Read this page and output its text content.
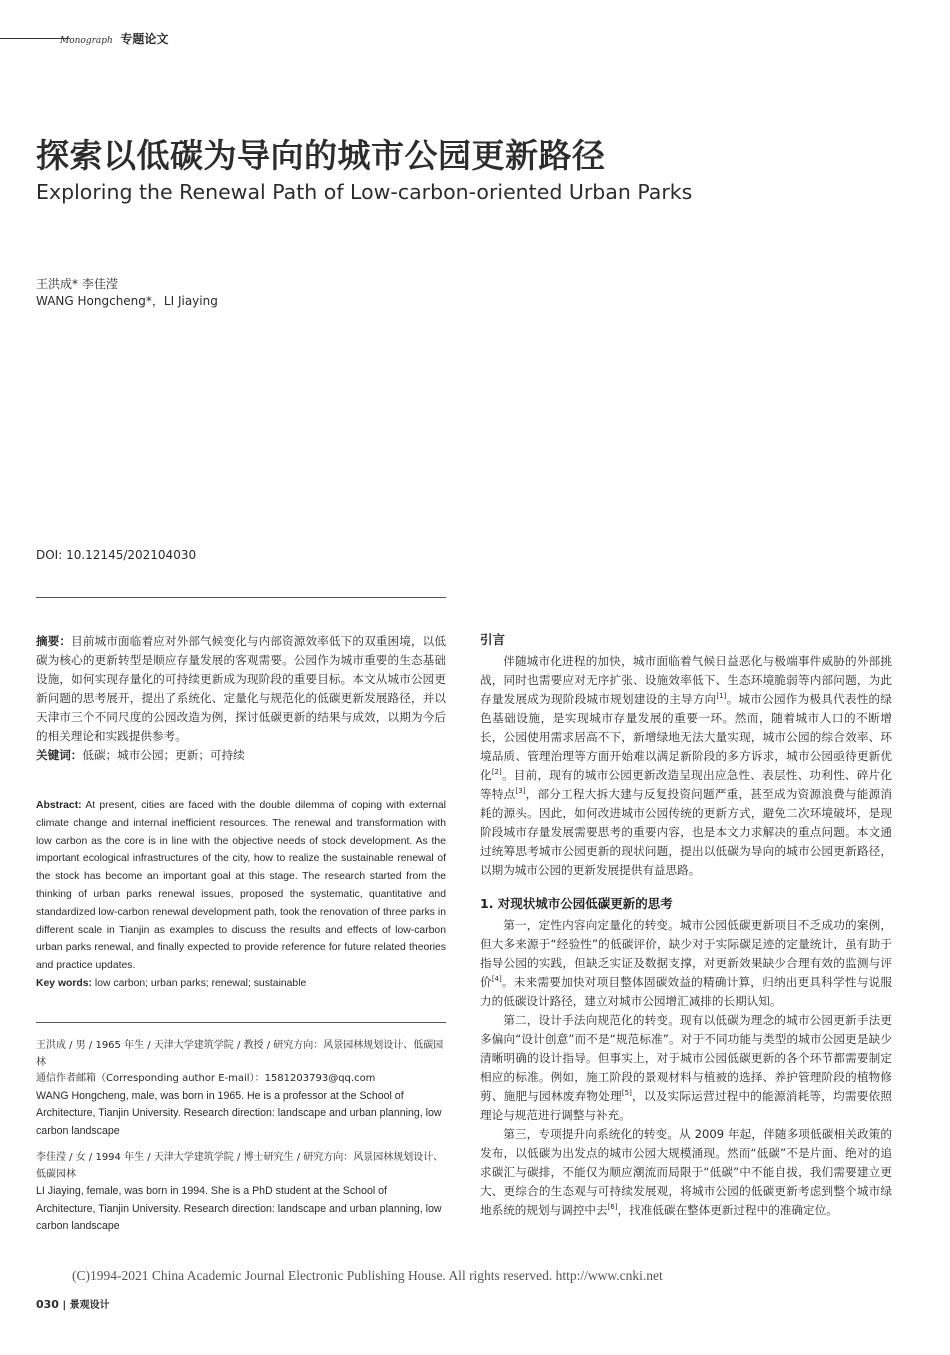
Monograph 专题论文
探索以低碳为导向的城市公园更新路径
Exploring the Renewal Path of Low-carbon-oriented Urban Parks
王洪成* 李佳滢
WANG Hongcheng*，LI Jiaying
DOI: 10.12145/202104030

摘要：目前城市面临着应对外部气候变化与内部资源效率低下的双重困境，以低碳为核心的更新转型是顺应存量发展的客观需要。公园作为城市重要的生态基础设施，如何实现存量化的可持续更新成为现阶段的重要目标。本文从城市公园更新问题的思考展开，提出了系统化、定量化与规范化的低碳更新发展路径，并以天津市三个不同尺度的公园改造为例，探讨低碳更新的结果与成效，以期为今后的相关理论和实践提供参考。

关键词：低碳；城市公园；更新；可持续

Abstract: At present, cities are faced with the double dilemma of coping with external climate change and internal inefficient resources. The renewal and transformation with low carbon as the core is in line with the objective needs of stock development. As the important ecological infrastructures of the city, how to realize the sustainable renewal of the stock has become an important goal at this stage. The research started from the thinking of urban parks renewal issues, proposed the systematic, quantitative and standardized low-carbon renewal development path, took the renovation of three parks in different scale in Tianjin as examples to discuss the results and effects of low-carbon urban parks renewal, and finally expected to provide reference for future related theories and practice updates.

Key words: low carbon; urban parks; renewal; sustainable

王洪成 / 男 / 1965 年生 / 天津大学建筑学院 / 教授 / 研究方向：风景园林规划设计、低碳园林

通信作者邮箱（Corresponding author E-mail）：1581203793@qq.com

WANG Hongcheng, male, was born in 1965. He is a professor at the School of Architecture, Tianjin University. Research direction: landscape and urban planning, low carbon landscape

李佳滢 / 女 / 1994 年生 / 天津大学建筑学院 / 博士研究生 / 研究方向：风景园林规划设计、低碳园林

LI Jiaying, female, was born in 1994. She is a PhD student at the School of Architecture, Tianjin University. Research direction: landscape and urban planning, low carbon landscape

引言

伴随城市化进程的加快，城市面临着气候日益恶化与极端事件威胁的外部挑战，同时也需要应对无序扩张、设施效率低下、生态环境脆弱等内部问题，为此存量发展成为现阶段城市规划建设的主导方向[1]。城市公园作为极具代表性的绿色基础设施，是实现城市存量发展的重要一环。然而，随着城市人口的不断增长，公园使用需求居高不下，新增绿地无法大量实现，城市公园的综合效率、环境品质、管理治理等方面开始难以满足新阶段的多方诉求，城市公园亟待更新优化[2]。目前，现有的城市公园更新改造呈现出应急性、表层性、功利性、碎片化等特点[3]，部分工程大拆大建与反复投资问题严重，甚至成为资源浪费与能源消耗的源头。因此，如何改进城市公园传统的更新方式，避免二次环境破坏，是现阶段城市存量发展需要思考的重要内容，也是本文力求解决的重点问题。本文通过统筹思考城市公园更新的现状问题，提出以低碳为导向的城市公园更新路径，以期为城市公园的更新发展提供有益思路。

1. 对现状城市公园低碳更新的思考

第一，定性内容向定量化的转变。城市公园低碳更新项目不乏成功的案例，但大多来源于“经验性”的低碳评价，缺少对于实际碳足迹的定量统计，虽有助于指导公园的实践，但缺乏实证及数据支撑，对更新效果缺少合理有效的监测与评价[4]。未来需要加快对项目整体固碳效益的精确计算，归纳出更具科学性与说服力的低碳设计路径，建立对城市公园增汇减排的长期认知。

第二，设计手法向规范化的转变。现有以低碳为理念的城市公园更新手法更多偏向“设计创意”而不是“规范标准”。对于不同功能与类型的城市公园更是缺少清晰明确的设计指导。但事实上，对于城市公园低碳更新的各个环节都需要制定相应的标准。例如，施工阶段的景观材料与植被的选择、养护管理阶段的植物修剪、施肥与园林废弃物处理[5]，以及实际运营过程中的能源消耗等，均需要依照理论与规范进行调整与补充。

第三，专项提升向系统化的转变。从 2009 年起，伴随多项低碳相关政策的发布，以低碳为出发点的城市公园大规模涌现。然而“低碳”不是片面、绝对的追求碳汇与碳排，不能仅为顺应潮流而局限于“低碳”中不能自拔，我们需要建立更大、更综合的生态观与可持续发展观，将城市公园的低碳更新考虑到整个城市绿地系统的规划与调控中去[6]，找准低碳在整体更新过程中的准确定位。

(C)1994-2021 China Academic Journal Electronic Publishing House. All rights reserved. http://www.cnki.net
030 | 景观设计
